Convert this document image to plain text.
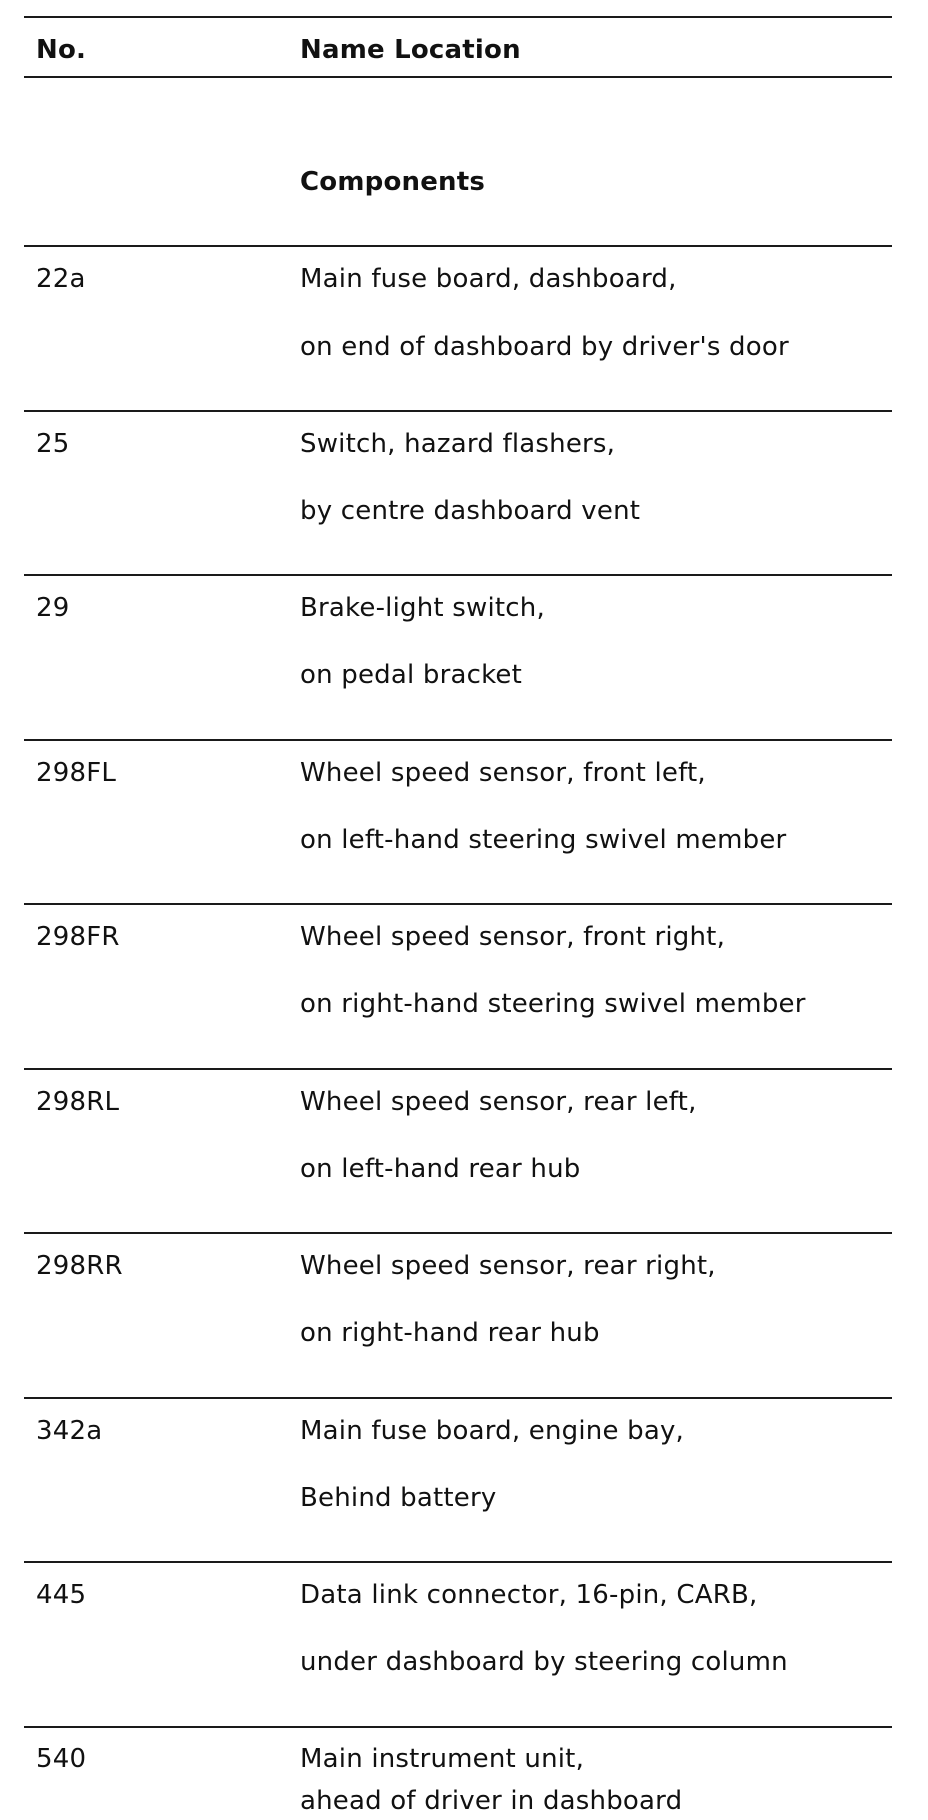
No.	Name Location
Components
22a	Main fuse board, dashboard,
on end of dashboard by driver's door
25	Switch, hazard flashers,
by centre dashboard vent
29	Brake-light switch,
on pedal bracket
298FL	Wheel speed sensor, front left,
on left-hand steering swivel member
298FR	Wheel speed sensor, front right,
on right-hand steering swivel member
298RL	Wheel speed sensor, rear left,
on left-hand rear hub
298RR	Wheel speed sensor, rear right,
on right-hand rear hub
342a	Main fuse board, engine bay,
Behind battery
445	Data link connector, 16-pin, CARB,
under dashboard by steering column
540	Main instrument unit,
ahead of driver in dashboard
